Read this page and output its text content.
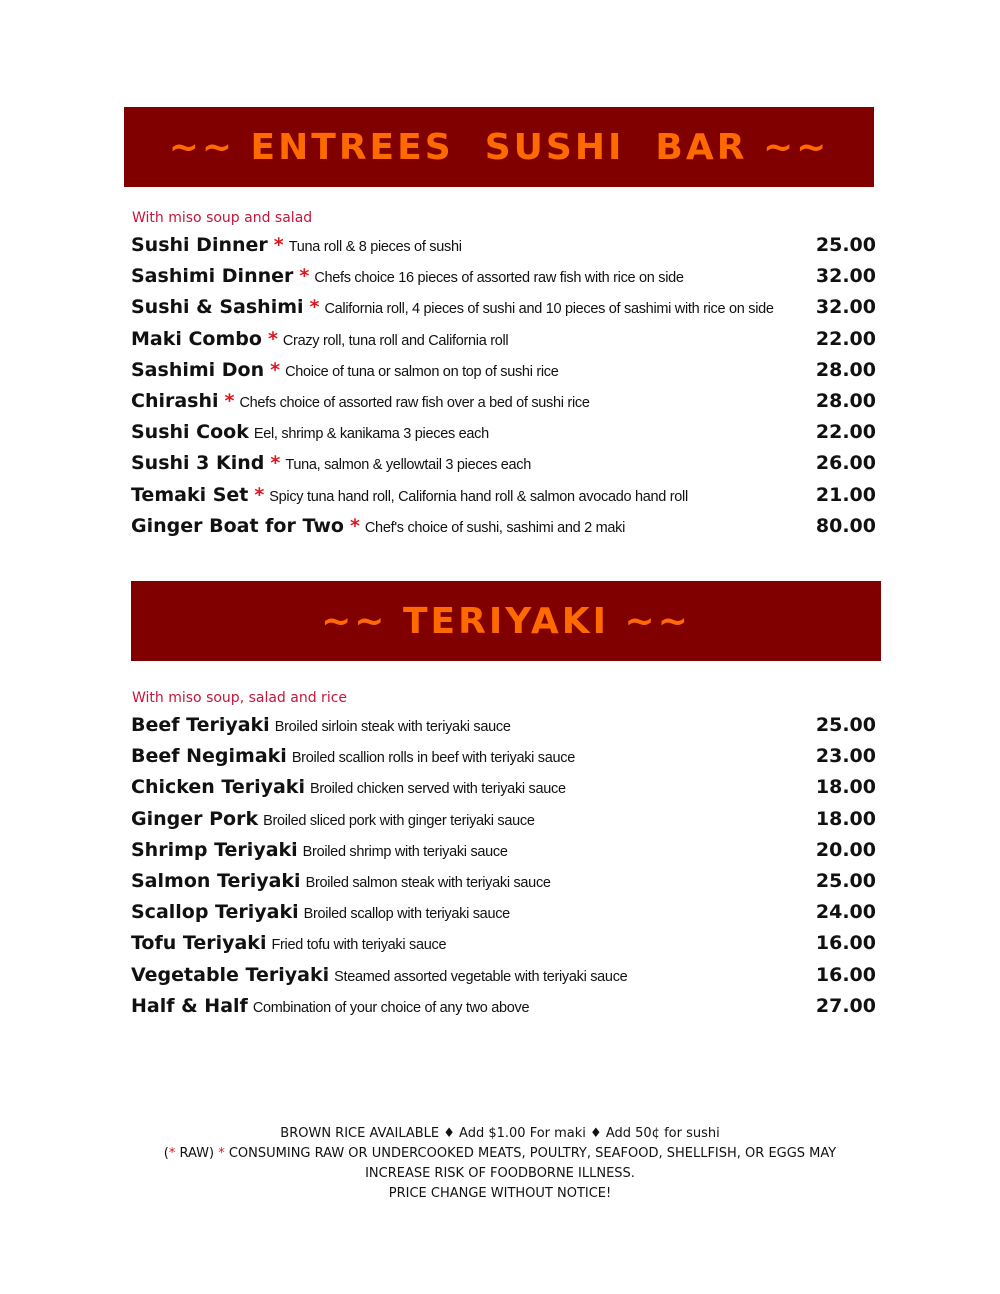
~~ ENTREES  SUSHI  BAR ~~
With miso soup and salad
Sushi Dinner * Tuna roll & 8 pieces of sushi	25.00
Sashimi Dinner * Chefs choice 16 pieces of assorted raw fish with rice on side	32.00
Sushi & Sashimi * California roll, 4 pieces of sushi and 10 pieces of sashimi with rice on side 32.00
Maki Combo * Crazy roll, tuna roll and California roll	22.00
Sashimi Don * Choice of tuna or salmon on top of sushi rice	28.00
Chirashi * Chefs choice of assorted raw fish over a bed of sushi rice	28.00
Sushi Cook Eel, shrimp & kanikama 3 pieces each	22.00
Sushi 3 Kind * Tuna, salmon & yellowtail 3 pieces each	26.00
Temaki Set * Spicy tuna hand roll, California hand roll & salmon avocado hand roll	21.00
Ginger Boat for Two * Chef's choice of sushi, sashimi and 2 maki	80.00
~~ TERIYAKI ~~
With miso soup, salad and rice
Beef Teriyaki Broiled sirloin steak with teriyaki sauce	25.00
Beef Negimaki Broiled scallion rolls in beef with teriyaki sauce	23.00
Chicken Teriyaki Broiled chicken served with teriyaki sauce	18.00
Ginger Pork Broiled sliced pork with ginger teriyaki sauce	18.00
Shrimp Teriyaki Broiled shrimp with teriyaki sauce	20.00
Salmon Teriyaki Broiled salmon steak with teriyaki sauce	25.00
Scallop Teriyaki Broiled scallop with teriyaki sauce	24.00
Tofu Teriyaki Fried tofu with teriyaki sauce	16.00
Vegetable Teriyaki Steamed assorted vegetable with teriyaki sauce	16.00
Half & Half Combination of your choice of any two above	27.00
BROWN RICE AVAILABLE ♦ Add $1.00 For maki ♦ Add 50¢ for sushi
(* RAW) * CONSUMING RAW OR UNDERCOOKED MEATS, POULTRY, SEAFOOD, SHELLFISH, OR EGGS MAY
INCREASE RISK OF FOODBORNE ILLNESS.
PRICE CHANGE WITHOUT NOTICE!
